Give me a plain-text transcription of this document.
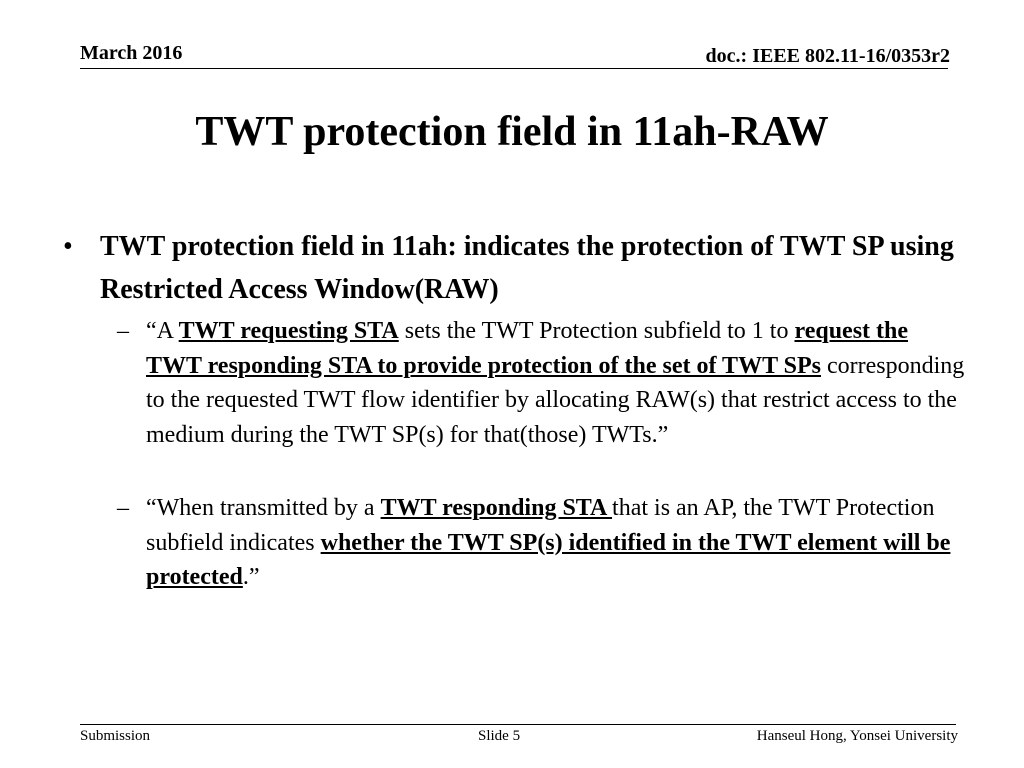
March 2016	doc.: IEEE 802.11-16/0353r2
TWT protection field in 11ah-RAW
• TWT protection field in 11ah: indicates the protection of TWT SP using Restricted Access Window(RAW)
– “A TWT requesting STA sets the TWT Protection subfield to 1 to request the TWT responding STA to provide protection of the set of TWT SPs corresponding to the requested TWT flow identifier by allocating RAW(s) that restrict access to the medium during the TWT SP(s) for that(those) TWTs.”
– “When transmitted by a TWT responding STA that is an AP, the TWT Protection subfield indicates whether the TWT SP(s) identified in the TWT element will be protected.”
Submission	Slide 5	Hanseul Hong, Yonsei University
